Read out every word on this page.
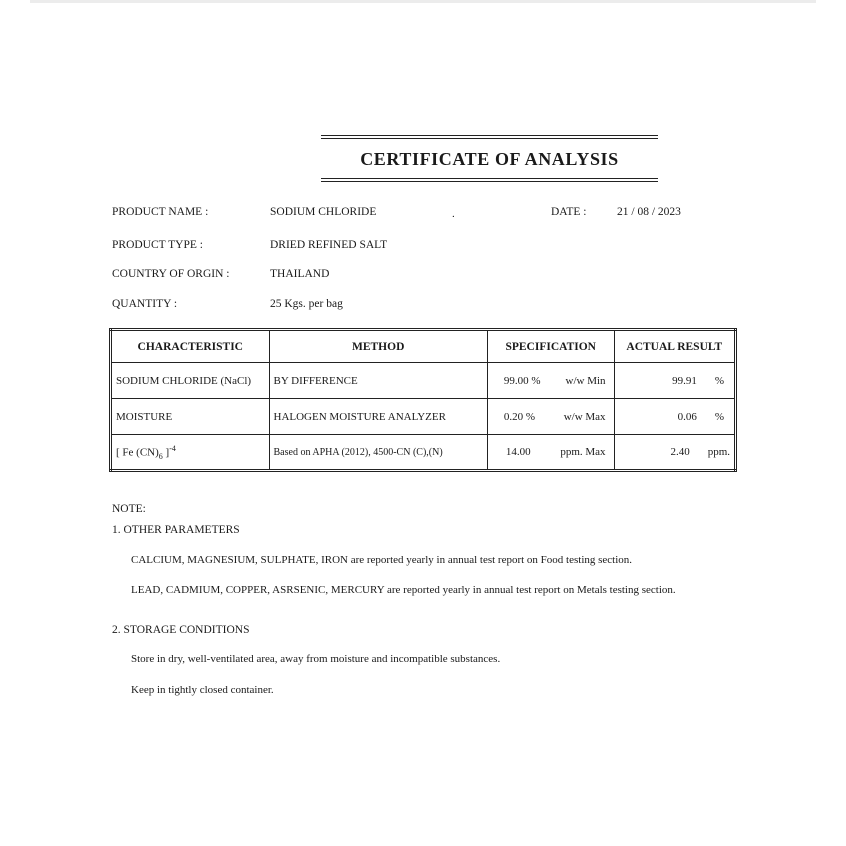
CERTIFICATE OF ANALYSIS
PRODUCT NAME :	SODIUM CHLORIDE	.	DATE :	21 / 08 / 2023
PRODUCT TYPE :	DRIED REFINED SALT
COUNTRY OF ORGIN :	THAILAND
QUANTITY :	25 Kgs. per bag
CHARACTERISTIC	METHOD	SPECIFICATION	ACTUAL RESULT
SODIUM CHLORIDE (NaCl)	BY DIFFERENCE	99.00 % w/w Min	99.91 %

MOISTURE	HALOGEN MOISTURE ANALYZER	0.20 % w/w Max	0.06 %

[ Fe $(CN)_6$ ]$^{-4}$	Based on APHA (2012), 4500-CN (C),(N)	14.00 ppm. Max	2.40 ppm.
NOTE:
1. OTHER PARAMETERS
CALCIUM, MAGNESIUM, SULPHATE, IRON are reported yearly in annual test report on Food testing section.
LEAD, CADMIUM, COPPER, ASRSENIC, MERCURY are reported yearly in annual test report on Metals testing section.
2. STORAGE CONDITIONS
Store in dry, well-ventilated area, away from moisture and incompatible substances.
Keep in tightly closed container.
